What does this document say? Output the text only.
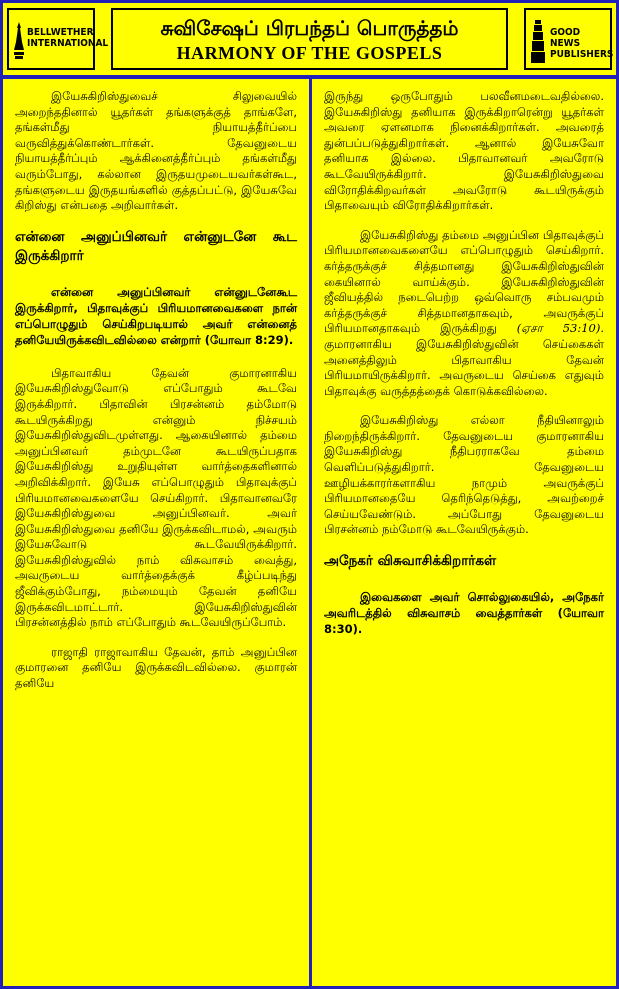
BELLWETHER
INTERNATIONAL
சுவிசேஷப் பிரபந்தப் பொருத்தம்
HARMONY OF THE GOSPELS
GOOD NEWS
PUBLISHERS

இயேசுகிறிஸ்துவைச் சிலுவையில் அறைந்ததினால் யூதர்கள் தங்களுக்குத் தாங்களே, தங்கள்மீது நியாயத்தீர்ப்பை வருவித்துக்கொண்டார்கள். தேவனுடைய நியாயத்தீர்ப்பும் ஆக்கினைத்தீர்ப்பும் தங்கள்மீது வரும்போது, கல்லான இருதயமுடையவர்கள்கூட, தங்களுடைய இருதயங்களில் குத்தப்பட்டு, இயேசுவே கிறிஸ்து என்பதை அறிவார்கள்.

என்னை அனுப்பினவர் என்னுடனே கூட இருக்கிறார்

என்னை அனுப்பினவர் என்னுடனேகூட இருக்கிறார், பிதாவுக்குப் பிரியமானவைகளை நான் எப்பொழுதும் செய்கிறபடியால் அவர் என்னைத் தனியேயிருக்கவிடவில்லை என்றார் (யோவா 8:29).

பிதாவாகிய தேவன் குமாரனாகிய இயேசுகிறிஸ்துவோடு எப்போதும் கூடவே இருக்கிறார். பிதாவின் பிரசன்னம் தம்மோடு கூடயிருக்கிறது என்னும் நிச்சயம் இயேசுகிறிஸ்துவிடமுள்ளது. ஆகையினால் தம்மை அனுப்பினவர் தம்முடனே கூடயிருப்பதாக இயேசுகிறிஸ்து உறுதியுள்ள வார்த்தைகளினால் அறிவிக்கிறார். இயேசு எப்பொழுதும் பிதாவுக்குப் பிரியமானவைகளையே செய்கிறார். பிதாவானவரே இயேசுகிறிஸ்துவை அனுப்பினவர். அவர் இயேசுகிறிஸ்துவை தனியே இருக்கவிடாமல், அவரும் இயேசுவோடு கூடவேயிருக்கிறார். இயேசுகிறிஸ்துவில் நாம் விசுவாசம் வைத்து, அவருடைய வார்த்தைக்குக் கீழ்ப்படிந்து ஜீவிக்கும்போது, நம்மையும் தேவன் தனியே இருக்கவிடமாட்டார். இயேசுகிறிஸ்துவின் பிரசன்னத்தில் நாம் எப்போதும் கூடவேயிருப்போம்.

ராஜாதி ராஜாவாகிய தேவன், தாம் அனுப்பின குமாரனை தனியே இருக்கவிடவில்லை. குமாரன் தனியே

இருந்து ஒருபோதும் பலவீனமடைவதில்லை. இயேசுகிறிஸ்து தனியாக இருக்கிறாரென்று யூதர்கள் அவரை ஏளனமாக நினைக்கிறார்கள். அவரைத் துன்பப்படுத்துகிறார்கள். ஆனால் இயேசுவோ தனியாக இல்லை. பிதாவானவர் அவரோடு கூடவேயிருக்கிறார். இயேசுகிறிஸ்துவை விரோதிக்கிறவர்கள் அவரோடு கூடயிருக்கும் பிதாவையும் விரோதிக்கிறார்கள்.

இயேசுகிறிஸ்து தம்மை அனுப்பின பிதாவுக்குப் பிரியமானவைகளையே எப்பொழுதும் செய்கிறார். கர்த்தருக்குச் சித்தமானது இயேசுகிறிஸ்துவின் கையினால் வாய்க்கும். இயேசுகிறிஸ்துவின் ஜீவியத்தில் நடைபெற்ற ஒவ்வொரு சம்பவமும் கர்த்தருக்குச் சித்தமானதாகவும், அவருக்குப் பிரியமானதாகவும் இருக்கிறது (ஏசா 53:10). குமாரனாகிய இயேசுகிறிஸ்துவின் செய்கைகள் அனைத்திலும் பிதாவாகிய தேவன் பிரியமாயிருக்கிறார். அவருடைய செய்கை எதுவும் பிதாவுக்கு வருத்தத்தைக் கொடுக்கவில்லை.

இயேசுகிறிஸ்து எல்லா நீதியினாலும் நிறைந்திருக்கிறார். தேவனுடைய குமாரனாகிய இயேசுகிறிஸ்து நீதிபரராகவே தம்மை வெளிப்படுத்துகிறார். தேவனுடைய ஊழியக்காரர்களாகிய நாமும் அவருக்குப் பிரியமானதையே தெரிந்தெடுத்து, அவற்றைச் செய்யவேண்டும். அப்போது தேவனுடைய பிரசன்னம் நம்மோடு கூடவேயிருக்கும்.

அநேகர் விசுவாசிக்கிறார்கள்

இவைகளை அவர் சொல்லுகையில், அநேகர் அவரிடத்தில் விசுவாசம் வைத்தார்கள் (யோவா 8:30).
